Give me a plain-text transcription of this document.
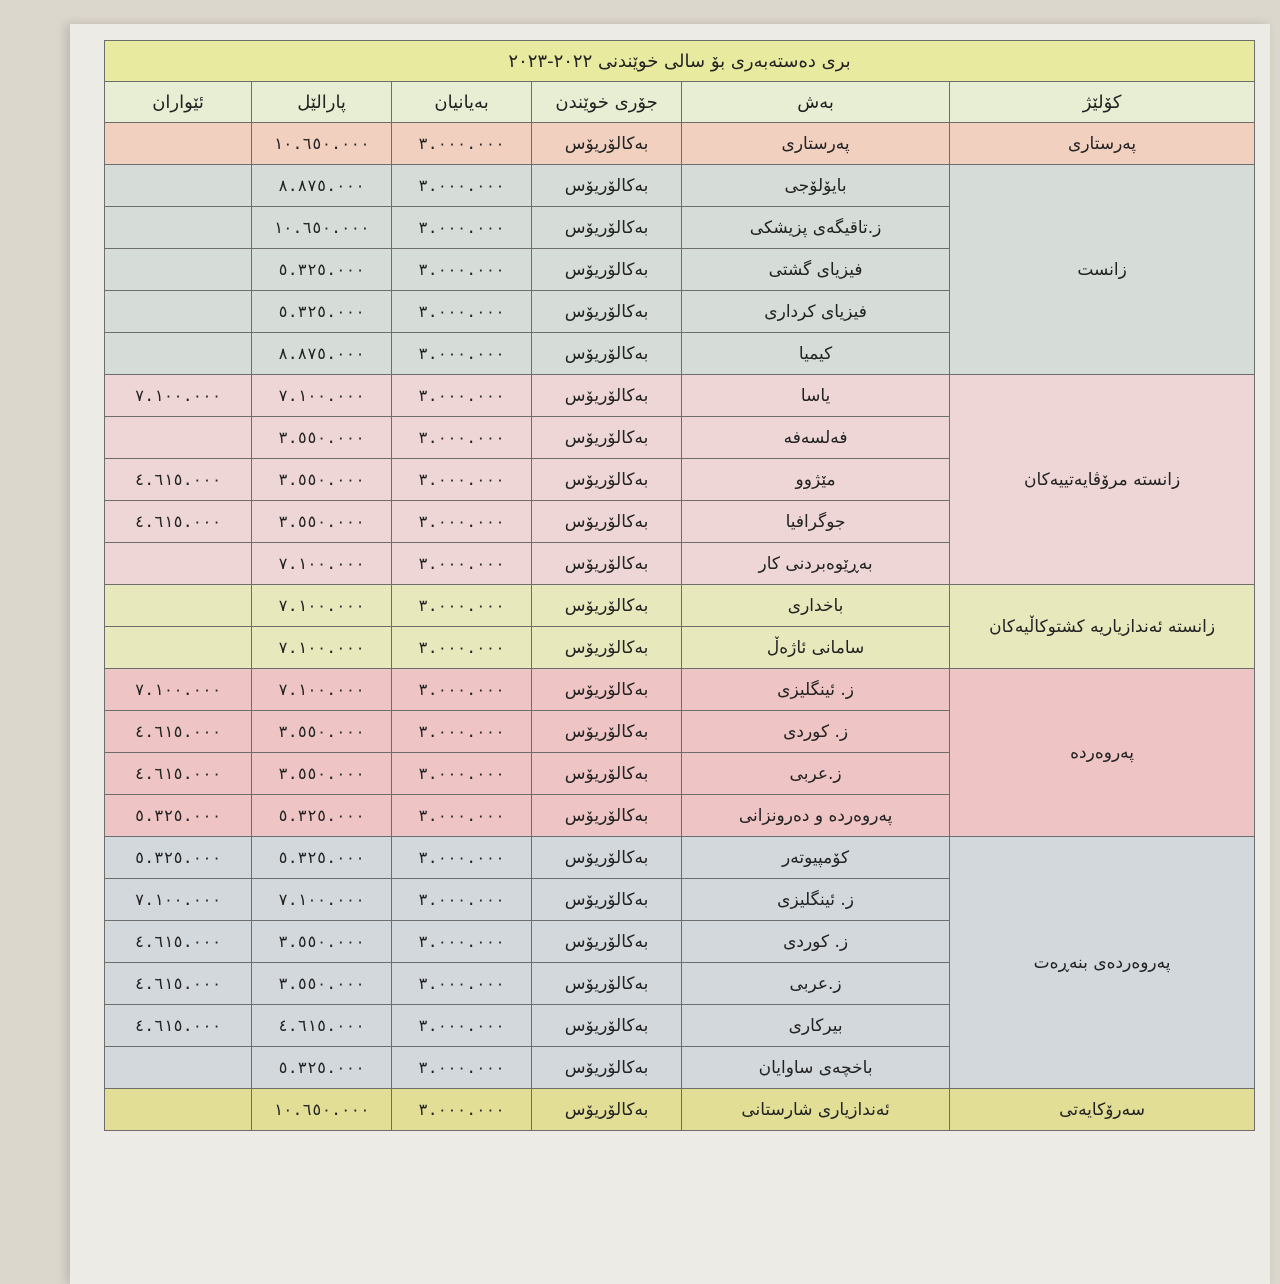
بری دەستەبەری بۆ سالی خوێندنی ٢٠٢٢-٢٠٢٣					
کۆلێژ	بەش	جۆری خوێندن	بەیانیان	پارالێل	ئێواران
پەرستاری	پەرستاری	بەکالۆریۆس	٣.٠٠٠.٠٠٠	١٠.٦٥٠.٠٠٠	
زانست	بایۆلۆجی	بەکالۆریۆس	٣.٠٠٠.٠٠٠	٨.٨٧٥.٠٠٠	
	ز.تاقیگەی پزیشکی	بەکالۆریۆس	٣.٠٠٠.٠٠٠	١٠.٦٥٠.٠٠٠	
	فیزیای گشتی	بەکالۆریۆس	٣.٠٠٠.٠٠٠	٥.٣٢٥.٠٠٠	
	فیزیای کرداری	بەکالۆریۆس	٣.٠٠٠.٠٠٠	٥.٣٢٥.٠٠٠	
	کیمیا	بەکالۆریۆس	٣.٠٠٠.٠٠٠	٨.٨٧٥.٠٠٠	
زانستە مرۆڤایەتییەکان	یاسا	بەکالۆریۆس	٣.٠٠٠.٠٠٠	٧.١٠٠.٠٠٠	٧.١٠٠.٠٠٠
	فەلسەفە	بەکالۆریۆس	٣.٠٠٠.٠٠٠	٣.٥٥٠.٠٠٠	
	مێژوو	بەکالۆریۆس	٣.٠٠٠.٠٠٠	٣.٥٥٠.٠٠٠	٤.٦١٥.٠٠٠
	جوگرافیا	بەکالۆریۆس	٣.٠٠٠.٠٠٠	٣.٥٥٠.٠٠٠	٤.٦١٥.٠٠٠
	بەڕێوەبردنی کار	بەکالۆریۆس	٣.٠٠٠.٠٠٠	٧.١٠٠.٠٠٠	
زانستە ئەندازیاریە کشتوکاڵیەکان	باخداری	بەکالۆریۆس	٣.٠٠٠.٠٠٠	٧.١٠٠.٠٠٠	
	سامانی ئاژەڵ	بەکالۆریۆس	٣.٠٠٠.٠٠٠	٧.١٠٠.٠٠٠	
پەروەردە	ز. ئینگلیزی	بەکالۆریۆس	٣.٠٠٠.٠٠٠	٧.١٠٠.٠٠٠	٧.١٠٠.٠٠٠
	ز. کوردی	بەکالۆریۆس	٣.٠٠٠.٠٠٠	٣.٥٥٠.٠٠٠	٤.٦١٥.٠٠٠
	ز.عربی	بەکالۆریۆس	٣.٠٠٠.٠٠٠	٣.٥٥٠.٠٠٠	٤.٦١٥.٠٠٠
	پەروەردە و دەرونزانی	بەکالۆریۆس	٣.٠٠٠.٠٠٠	٥.٣٢٥.٠٠٠	٥.٣٢٥.٠٠٠
پەروەردەی بنەڕەت	کۆمپیوتەر	بەکالۆریۆس	٣.٠٠٠.٠٠٠	٥.٣٢٥.٠٠٠	٥.٣٢٥.٠٠٠
	ز. ئینگلیزی	بەکالۆریۆس	٣.٠٠٠.٠٠٠	٧.١٠٠.٠٠٠	٧.١٠٠.٠٠٠
	ز. کوردی	بەکالۆریۆس	٣.٠٠٠.٠٠٠	٣.٥٥٠.٠٠٠	٤.٦١٥.٠٠٠
	ز.عربی	بەکالۆریۆس	٣.٠٠٠.٠٠٠	٣.٥٥٠.٠٠٠	٤.٦١٥.٠٠٠
	بیرکاری	بەکالۆریۆس	٣.٠٠٠.٠٠٠	٤.٦١٥.٠٠٠	٤.٦١٥.٠٠٠
	باخچەی ساوایان	بەکالۆریۆس	٣.٠٠٠.٠٠٠	٥.٣٢٥.٠٠٠	
سەرۆکایەتی	ئەندازیاری شارستانی	بەکالۆریۆس	٣.٠٠٠.٠٠٠	١٠.٦٥٠.٠٠٠	
